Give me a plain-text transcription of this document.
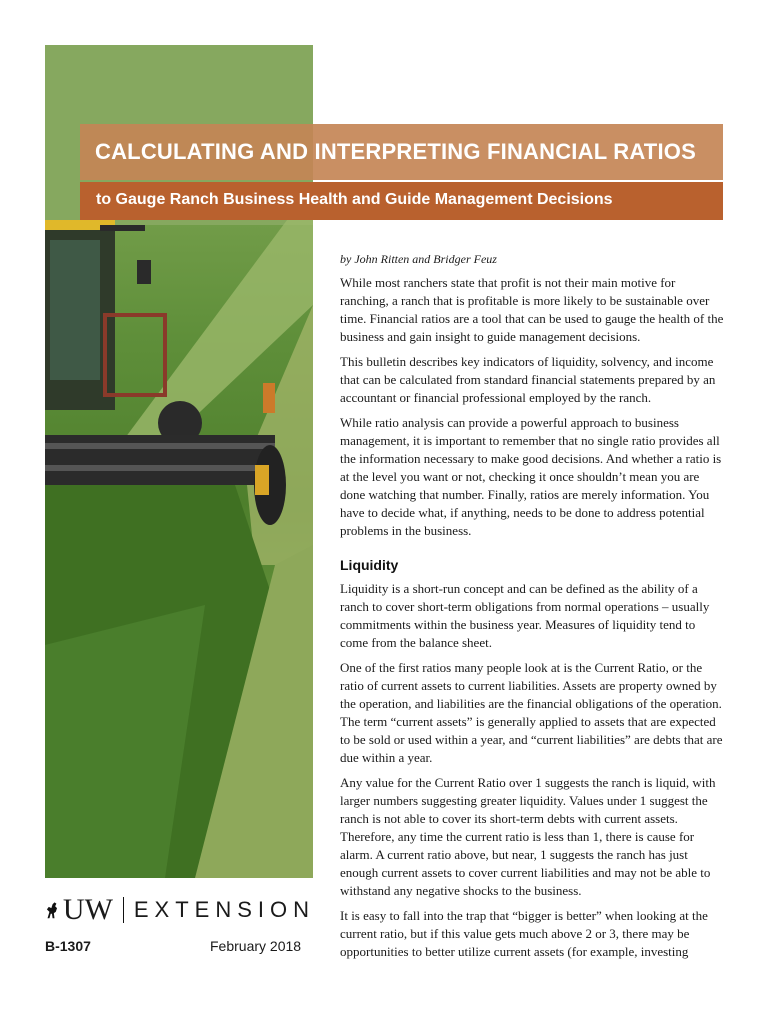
CALCULATING AND INTERPRETING FINANCIAL RATIOS
to Gauge Ranch Business Health and Guide Management Decisions
by John Ritten and Bridger Feuz

While most ranchers state that profit is not their main motive for ranching, a ranch that is profitable is more likely to be sustainable over time. Financial ratios are a tool that can be used to gauge the health of the business and gain insight to guide management decisions.

This bulletin describes key indicators of liquidity, solvency, and income that can be calculated from standard financial statements prepared by an accountant or financial professional employed by the ranch.

While ratio analysis can provide a powerful approach to business management, it is important to remember that no single ratio provides all the information necessary to make good decisions. And whether a ratio is at the level you want or not, checking it once shouldn’t mean you are done watching that number. Finally, ratios are merely information. You have to decide what, if anything, needs to be done to address potential problems in the business.

Liquidity

Liquidity is a short-run concept and can be defined as the ability of a ranch to cover short-term obligations from normal operations – usually commitments within the business year. Measures of liquidity tend to come from the balance sheet.

One of the first ratios many people look at is the Current Ratio, or the ratio of current assets to current liabilities. Assets are property owned by the operation, and liabilities are the financial obligations of the operation. The term “current assets” is generally applied to assets that are expected to be sold or used within a year, and “current liabilities” are debts that are due within a year.

Any value for the Current Ratio over 1 suggests the ranch is liquid, with larger numbers suggesting greater liquidity. Values under 1 suggest the ranch is not able to cover its short-term debts with current assets. Therefore, any time the current ratio is less than 1, there is cause for alarm. A current ratio above, but near, 1 suggests the ranch has just enough current assets to cover current liabilities and may not be able to withstand any negative shocks to the business.

It is easy to fall into the trap that “bigger is better” when looking at the current ratio, but if this value gets much above 2 or 3, there may be opportunities to better utilize current assets (for example, investing

UW EXTENSION
B-1307	February 2018
